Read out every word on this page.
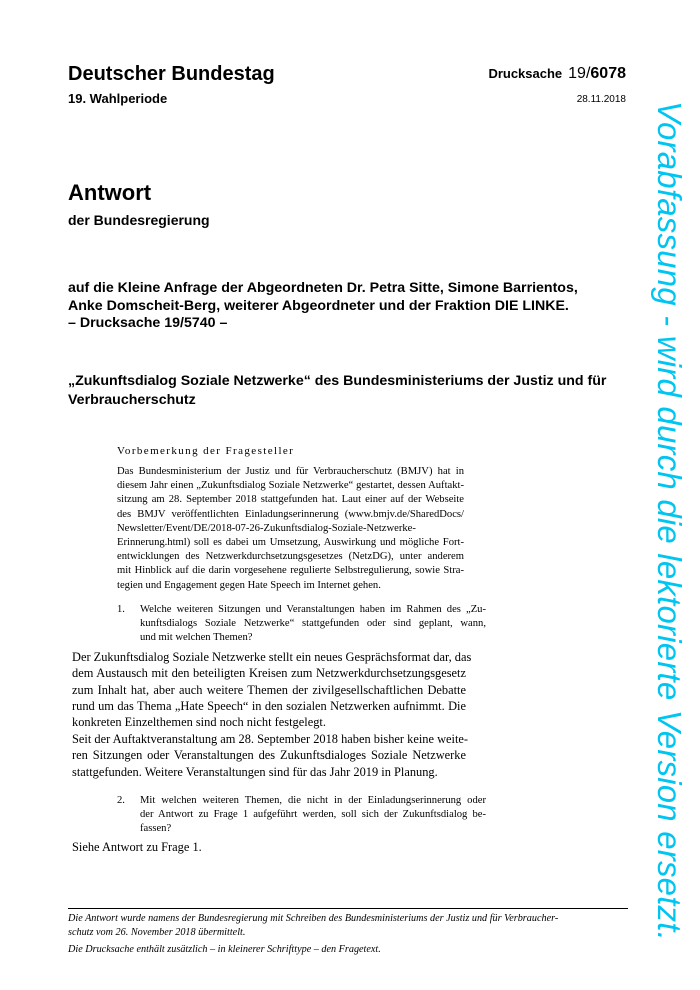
Deutscher Bundestag
19. Wahlperiode
Drucksache 19/6078
28.11.2018
Antwort
der Bundesregierung
auf die Kleine Anfrage der Abgeordneten Dr. Petra Sitte, Simone Barrientos,
Anke Domscheit-Berg, weiterer Abgeordneter und der Fraktion DIE LINKE.
– Drucksache 19/5740 –
„Zukunftsdialog Soziale Netzwerke“ des Bundesministeriums der Justiz und für
Verbraucherschutz
Vorbemerkung der Fragesteller
Das Bundesministerium der Justiz und für Verbraucherschutz (BMJV) hat in
diesem Jahr einen „Zukunftsdialog Soziale Netzwerke“ gestartet, dessen Auftakt-
sitzung am 28. September 2018 stattgefunden hat. Laut einer auf der Webseite
des BMJV veröffentlichten Einladungserinnerung (www.bmjv.de/SharedDocs/
Newsletter/Event/DE/2018-07-26-Zukunftsdialog-Soziale-Netzwerke-
Erinnerung.html) soll es dabei um Umsetzung, Auswirkung und mögliche Fort-
entwicklungen des Netzwerkdurchsetzungsgesetzes (NetzDG), unter anderem
mit Hinblick auf die darin vorgesehene regulierte Selbstregulierung, sowie Stra-
tegien und Engagement gegen Hate Speech im Internet gehen.
1. Welche weiteren Sitzungen und Veranstaltungen haben im Rahmen des „Zu-
kunftsdialogs Soziale Netzwerke“ stattgefunden oder sind geplant, wann,
und mit welchen Themen?
Der Zukunftsdialog Soziale Netzwerke stellt ein neues Gesprächsformat dar, das
dem Austausch mit den beteiligten Kreisen zum Netzwerkdurchsetzungsgesetz
zum Inhalt hat, aber auch weitere Themen der zivilgesellschaftlichen Debatte
rund um das Thema „Hate Speech“ in den sozialen Netzwerken aufnimmt. Die
konkreten Einzelthemen sind noch nicht festgelegt.
Seit der Auftaktveranstaltung am 28. September 2018 haben bisher keine weite-
ren Sitzungen oder Veranstaltungen des Zukunftsdialoges Soziale Netzwerke
stattgefunden. Weitere Veranstaltungen sind für das Jahr 2019 in Planung.
2. Mit welchen weiteren Themen, die nicht in der Einladungserinnerung oder
der Antwort zu Frage 1 aufgeführt werden, soll sich der Zukunftsdialog be-
fassen?
Siehe Antwort zu Frage 1.
Die Antwort wurde namens der Bundesregierung mit Schreiben des Bundesministeriums der Justiz und für Verbraucher-
schutz vom 26. November 2018 übermittelt.
Die Drucksache enthält zusätzlich – in kleinerer Schrifttype – den Fragetext.
Vorabfassung - wird durch die lektorierte Version ersetzt.
